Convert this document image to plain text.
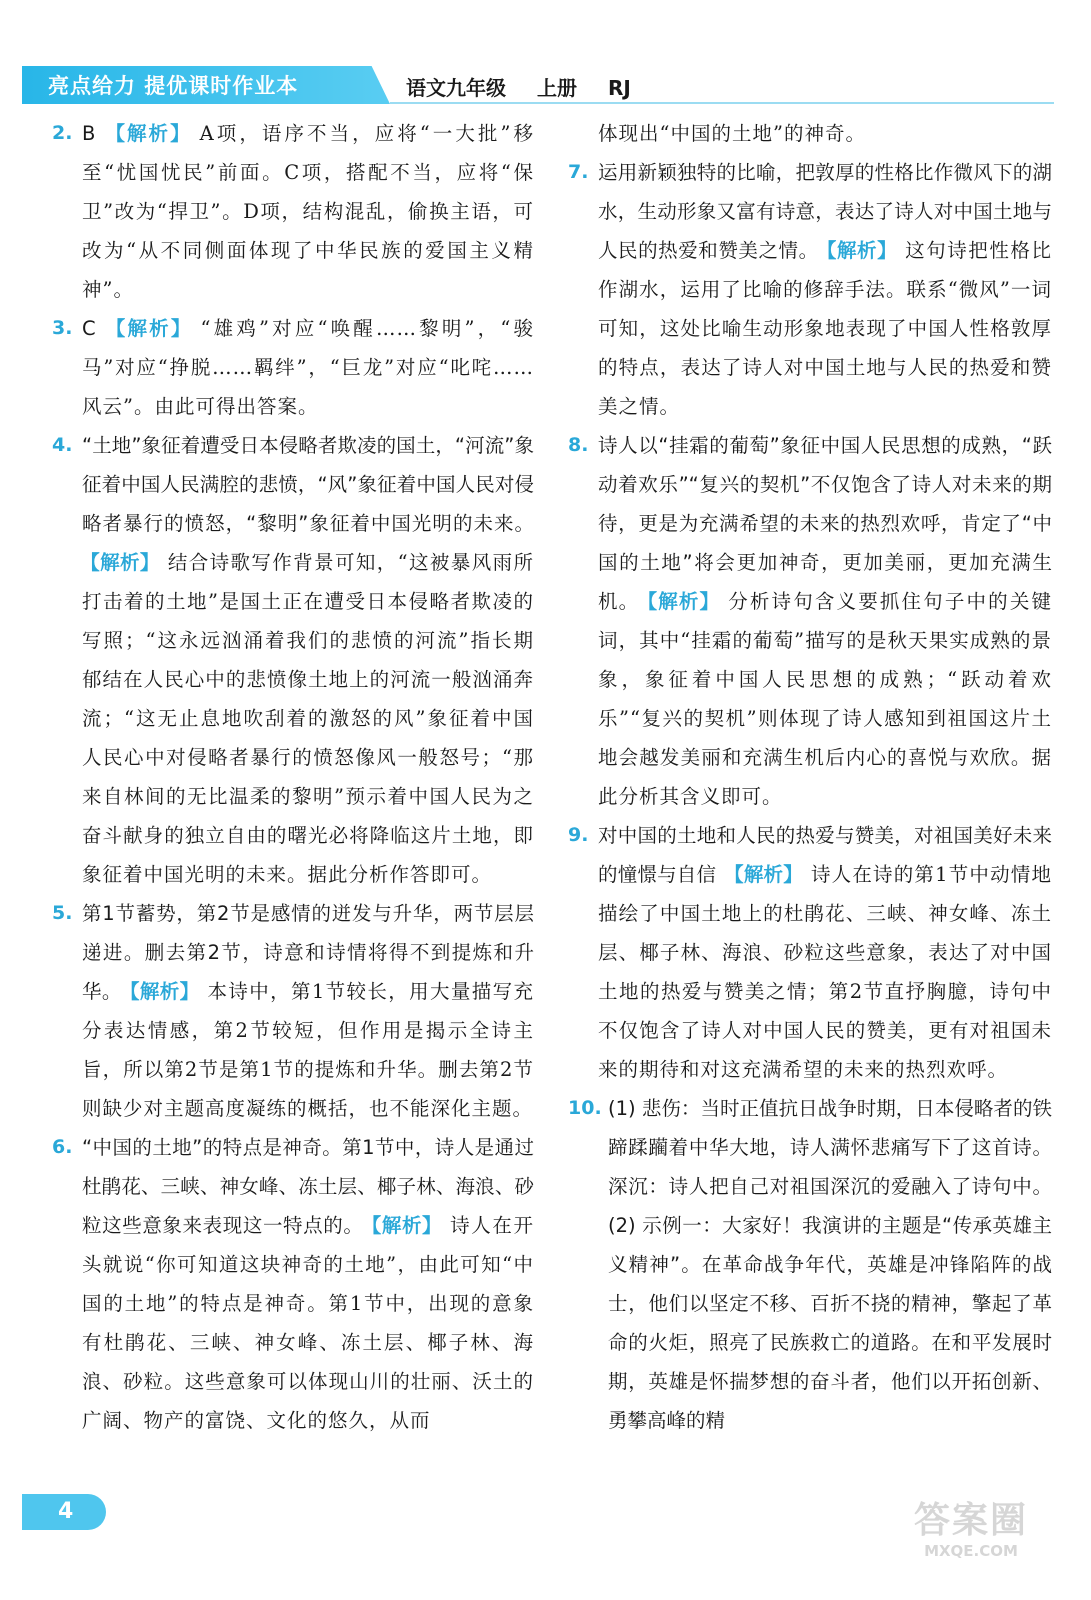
亮点给力 提优课时作业本	语文九年级 上册 RJ
2. B 【解析】 A项，语序不当，应将“一大批”移至“忧国忧民”前面。C项，搭配不当，应将“保卫”改为“捍卫”。D项，结构混乱，偷换主语，可改为“从不同侧面体现了中华民族的爱国主义精神”。

3. C 【解析】 “雄鸡”对应“唤醒……黎明”，“骏马”对应“挣脱……羁绊”，“巨龙”对应“叱咤……风云”。由此可得出答案。

4. “土地”象征着遭受日本侵略者欺凌的国土，“河流”象征着中国人民满腔的悲愤，“风”象征着中国人民对侵略者暴行的愤怒，“黎明”象征着中国光明的未来。【解析】 结合诗歌写作背景可知，“这被暴风雨所打击着的土地”是国土正在遭受日本侵略者欺凌的写照；“这永远汹涌着我们的悲愤的河流”指长期郁结在人民心中的悲愤像土地上的河流一般汹涌奔流；“这无止息地吹刮着的激怒的风”象征着中国人民心中对侵略者暴行的愤怒像风一般怒号；“那来自林间的无比温柔的黎明”预示着中国人民为之奋斗献身的独立自由的曙光必将降临这片土地，即象征着中国光明的未来。据此分析作答即可。

5. 第1节蓄势，第2节是感情的迸发与升华，两节层层递进。删去第2节，诗意和诗情将得不到提炼和升华。 【解析】 本诗中，第1节较长，用大量描写充分表达情感，第2节较短，但作用是揭示全诗主旨，所以第2节是第1节的提炼和升华。删去第2节则缺少对主题高度凝练的概括，也不能深化主题。

6. “中国的土地”的特点是神奇。第1节中，诗人是通过杜鹃花、三峡、神女峰、冻土层、椰子林、海浪、砂粒这些意象来表现这一特点的。 【解析】 诗人在开头就说“你可知道这块神奇的土地”，由此可知“中国的土地”的特点是神奇。第1节中，出现的意象有杜鹃花、三峡、神女峰、冻土层、椰子林、海浪、砂粒。这些意象可以体现山川的壮丽、沃土的广阔、物产的富饶、文化的悠久，从而

体现出“中国的土地”的神奇。

7. 运用新颖独特的比喻，把敦厚的性格比作微风下的湖水，生动形象又富有诗意，表达了诗人对中国土地与人民的热爱和赞美之情。 【解析】 这句诗把性格比作湖水，运用了比喻的修辞手法。联系“微风”一词可知，这处比喻生动形象地表现了中国人性格敦厚的特点，表达了诗人对中国土地与人民的热爱和赞美之情。

8. 诗人以“挂霜的葡萄”象征中国人民思想的成熟，“跃动着欢乐”“复兴的契机”不仅饱含了诗人对未来的期待，更是为充满希望的未来的热烈欢呼，肯定了“中国的土地”将会更加神奇，更加美丽，更加充满生机。 【解析】 分析诗句含义要抓住句子中的关键词，其中“挂霜的葡萄”描写的是秋天果实成熟的景象，象征着中国人民思想的成熟；“跃动着欢乐”“复兴的契机”则体现了诗人感知到祖国这片土地会越发美丽和充满生机后内心的喜悦与欢欣。据此分析其含义即可。

9. 对中国的土地和人民的热爱与赞美，对祖国美好未来的憧憬与自信 【解析】 诗人在诗的第1节中动情地描绘了中国土地上的杜鹃花、三峡、神女峰、冻土层、椰子林、海浪、砂粒这些意象，表达了对中国土地的热爱与赞美之情；第2节直抒胸臆，诗句中不仅饱含了诗人对中国人民的赞美，更有对祖国未来的期待和对这充满希望的未来的热烈欢呼。

10. (1) 悲伤：当时正值抗日战争时期，日本侵略者的铁蹄蹂躏着中华大地，诗人满怀悲痛写下了这首诗。深沉：诗人把自己对祖国深沉的爱融入了诗句中。 (2) 示例一：大家好！我演讲的主题是“传承英雄主义精神”。在革命战争年代，英雄是冲锋陷阵的战士，他们以坚定不移、百折不挠的精神，擎起了革命的火炬，照亮了民族救亡的道路。在和平发展时期，英雄是怀揣梦想的奋斗者，他们以开拓创新、勇攀高峰的精

4	答案圈
MXQE.COM
